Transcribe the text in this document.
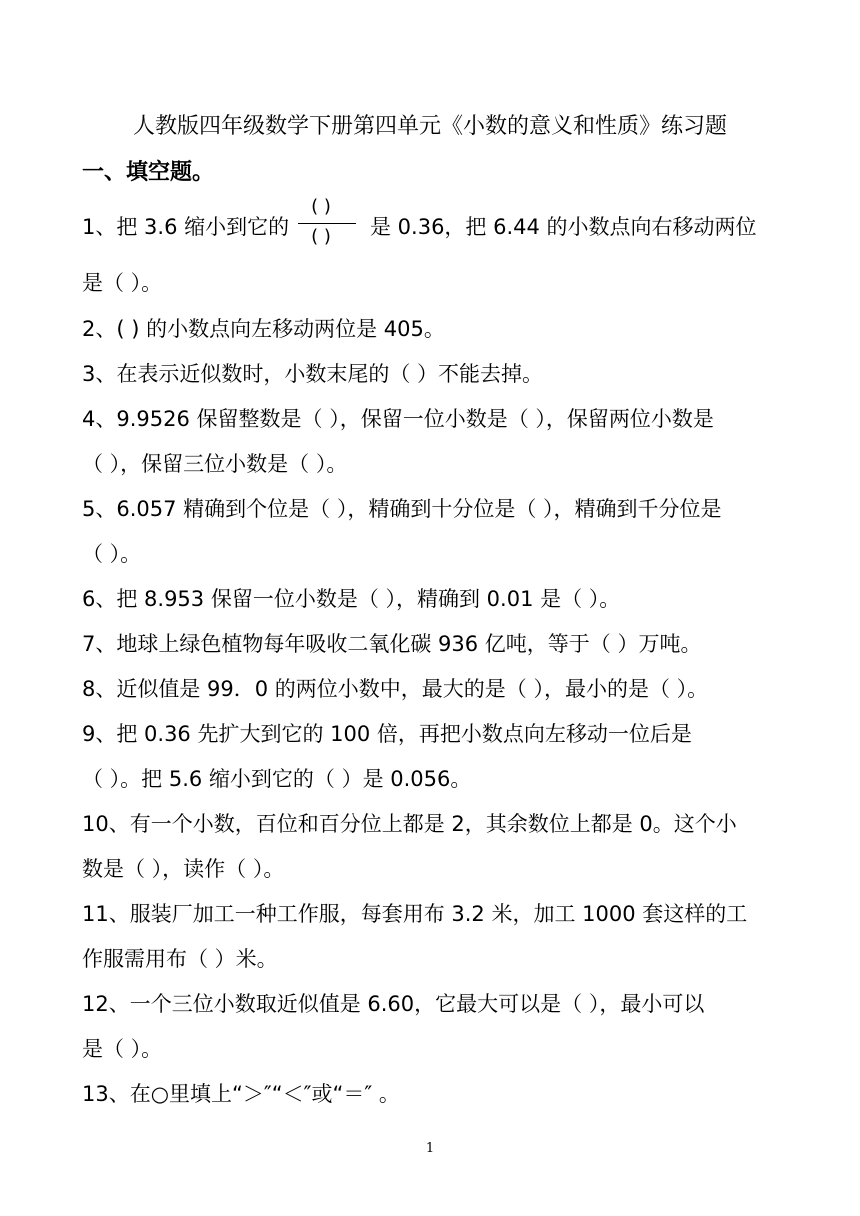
人教版四年级数学下册第四单元《小数的意义和性质》练习题
一、填空题。
1、把 3.6 缩小到它的
( )
( )	是 0.36，把 6.44 的小数点向右移动两位
是（ ）。
2、( ) 的小数点向左移动两位是 405。
3、在表示近似数时，小数末尾的（ ）不能去掉。
4、9.9526 保留整数是（ ），保留一位小数是（ ），保留两位小数是
（ ），保留三位小数是（ ）。
5、6.057 精确到个位是（ ），精确到十分位是（ ），精确到千分位是
（ ）。
6、把 8.953 保留一位小数是（ ），精确到 0.01 是（ ）。
7、地球上绿色植物每年吸收二氧化碳 936 亿吨，等于（ ）万吨。
8、近似值是 99．0 的两位小数中，最大的是（ ），最小的是（ ）。
9、把 0.36 先扩大到它的 100 倍，再把小数点向左移动一位后是
（ ）。把 5.6 缩小到它的（ ）是 0.056。
10、有一个小数，百位和百分位上都是 2，其余数位上都是 0。这个小
数是（ ），读作（ ）。
11、服装厂加工一种工作服，每套用布 3.2 米，加工 1000 套这样的工
作服需用布（ ）米。
12、一个三位小数取近似值是 6.60，它最大可以是（ ），最小可以
是（ ）。
13、在○里填上“＞″“＜″或“＝″ 。
1
